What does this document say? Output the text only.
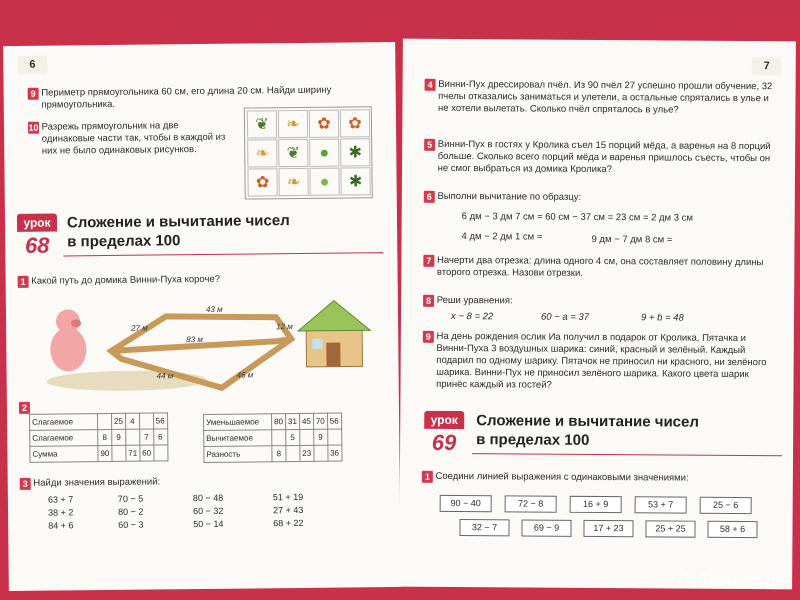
6
9 Периметр прямоугольника 60 см, его длина 20 см. Найди ширину прямоугольника.
10 Разрежь прямоугольник на две одинаковые части так, чтобы в каждой из них не было одинаковых рисунков.
❦	❧	✿	✿
❧	❦	●	✱
✿	❧	●	✱
урок
68
Сложение и вычитание чисел
в пределах 100
1 Какой путь до домика Винни-Пуха короче?
27 м
43 м
83 м
12 м
44 м	46 м
2
Слагаемое		25	4		56
Слагаемое	8	9		7	6
Сумма	90		71	60	
Уменьшаемое	80	31	45	70	56
Вычитаемое		5		9	
Разность	8		23		36
3 Найди значения выражений:
63 + 7
38 + 2
84 + 6
70 − 5
80 − 2
60 − 3
80 − 48
60 − 32
50 − 14
51 + 19
27 + 43
68 + 22
7
4 Винни-Пух дрессировал пчёл. Из 90 пчёл 27 успешно прошли обучение, 32 пчелы отказались заниматься и улетели, а остальные спрятались в улье и не хотели вылетать. Сколько пчёл спряталось в улье?
5 Винни-Пух в гостях у Кролика съел 15 порций мёда, а варенья на 8 порций больше. Сколько всего порций мёда и варенья пришлось съесть, чтобы он не смог выбраться из домика Кролика?
6 Выполни вычитание по образцу:
6 дм − 3 дм 7 см = 60 см − 37 см = 23 см = 2 дм 3 см
4 дм − 2 дм 1 см =	9 дм − 7 дм 8 см =
7 Начерти два отрезка: длина одного 4 см, она составляет половину длины второго отрезка. Назови отрезки.
8 Реши уравнения:
x − 8 = 22	60 − a = 37	9 + b = 48
9 На день рождения ослик Иа получил в подарок от Кролика, Пятачка и Винни-Пуха 3 воздушных шарика: синий, красный и зелёный. Каждый подарил по одному шарику. Пятачок не приносил ни красного, ни зелёного шарика. Винни-Пух не приносил зелёного шарика. Какого цвета шарик принёс каждый из гостей?
урок
69
Сложение и вычитание чисел
в пределах 100
1 Соедини линией выражения с одинаковыми значениями:
90 − 40	72 − 8	16 + 9	53 + 7	25 − 6
32 − 7	69 − 9	17 + 23	25 + 25	58 + 6
Лабиринт.ру
